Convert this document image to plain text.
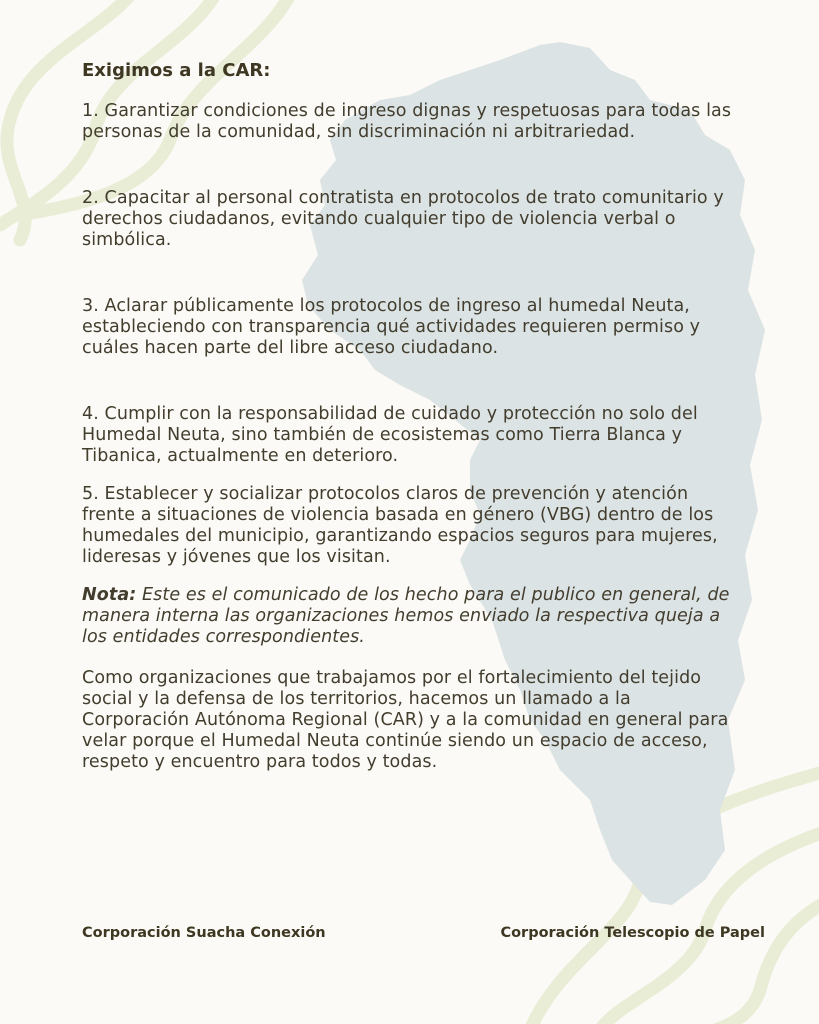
Exigimos a la CAR:

1. Garantizar condiciones de ingreso dignas y respetuosas para todas las personas de la comunidad, sin discriminación ni arbitrariedad.

2. Capacitar al personal contratista en protocolos de trato comunitario y derechos ciudadanos, evitando cualquier tipo de violencia verbal o simbólica.

3. Aclarar públicamente los protocolos de ingreso al humedal Neuta, estableciendo con transparencia qué actividades requieren permiso y cuáles hacen parte del libre acceso ciudadano.

4. Cumplir con la responsabilidad de cuidado y protección no solo del Humedal Neuta, sino también de ecosistemas como Tierra Blanca y Tibanica, actualmente en deterioro.

5. Establecer y socializar protocolos claros de prevención y atención frente a situaciones de violencia basada en género (VBG) dentro de los humedales del municipio, garantizando espacios seguros para mujeres, lideresas y jóvenes que los visitan.

Nota: Este es el comunicado de los hecho para el publico en general, de manera interna las organizaciones hemos enviado la respectiva queja a los entidades correspondientes.

Como organizaciones que trabajamos por el fortalecimiento del tejido social y la defensa de los territorios, hacemos un llamado a la Corporación Autónoma Regional (CAR) y a la comunidad en general para velar porque el Humedal Neuta continúe siendo un espacio de acceso, respeto y encuentro para todos y todas.

Corporación Suacha Conexión	Corporación Telescopio de Papel
